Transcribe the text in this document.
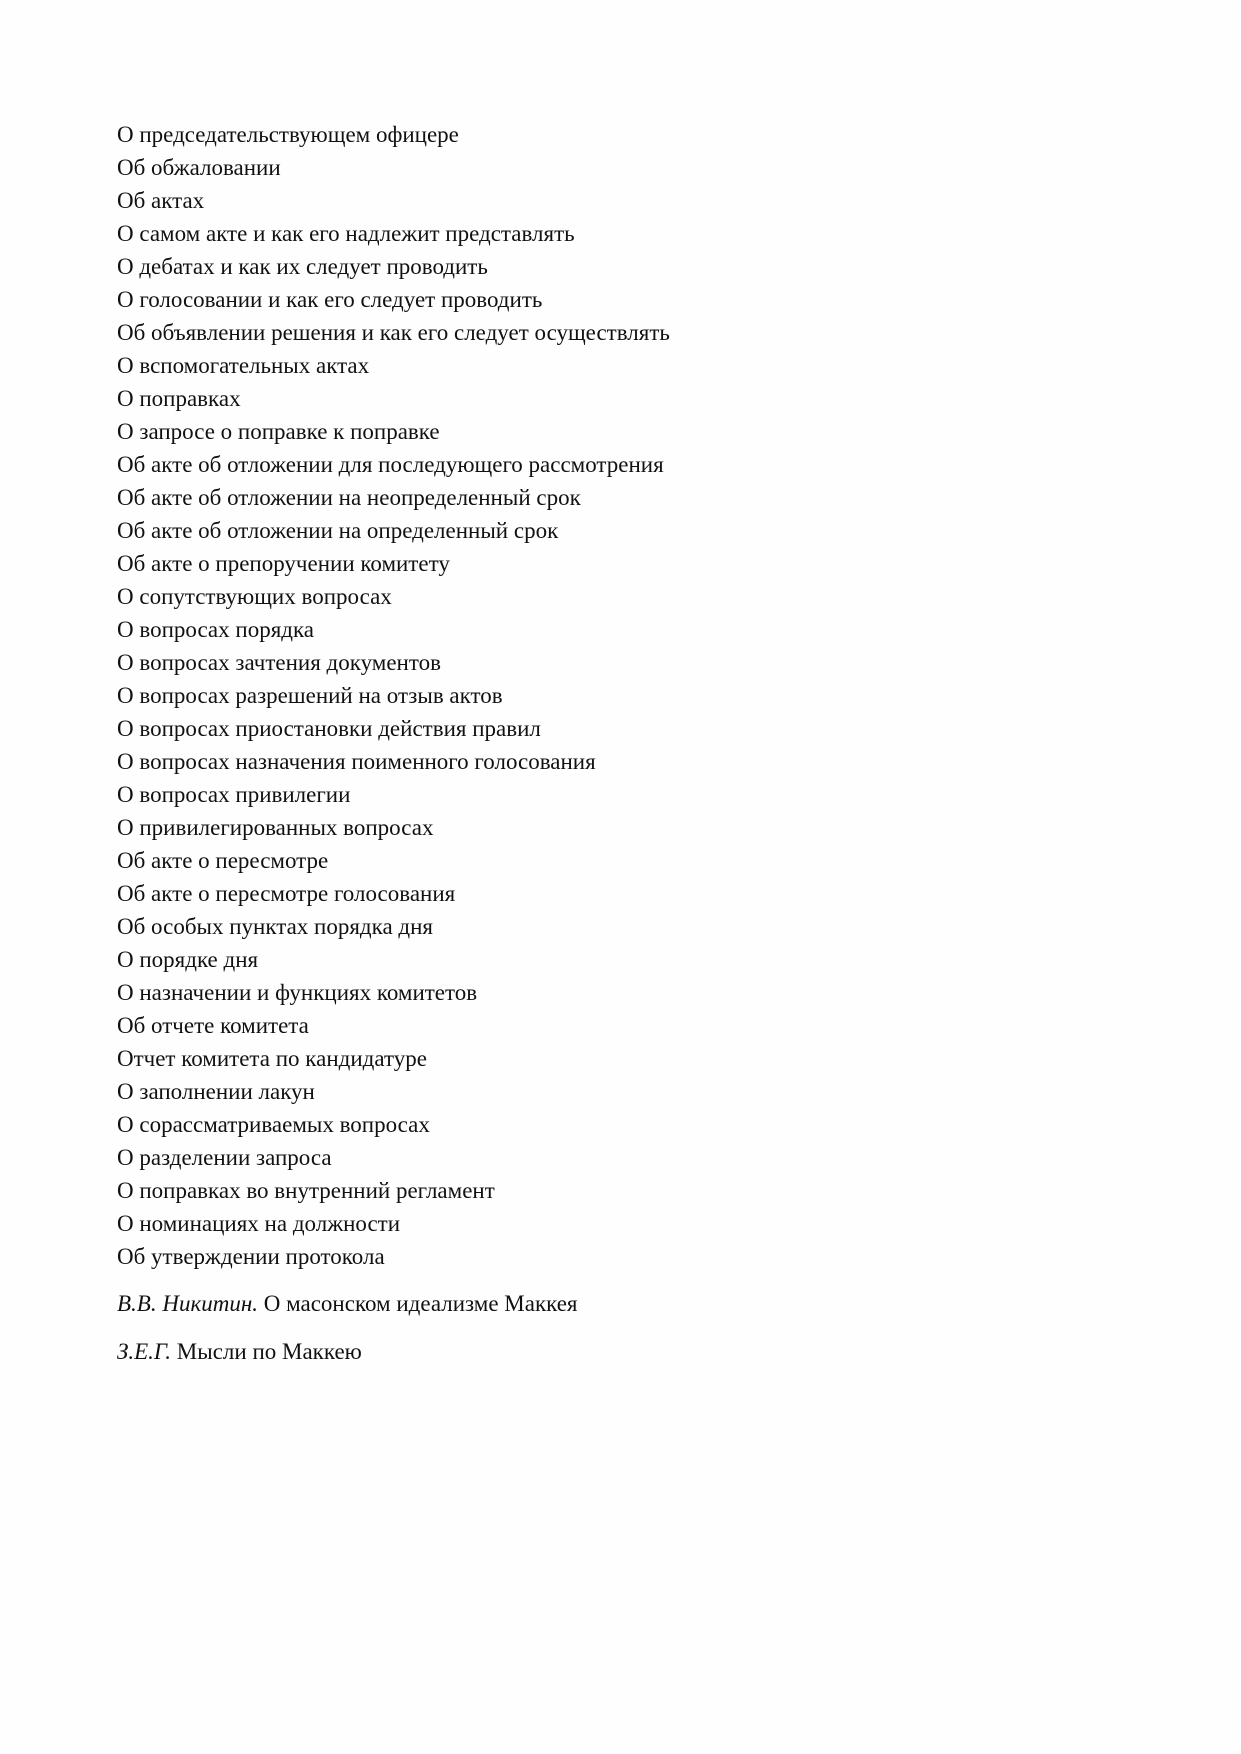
О председательствующем офицере
Об обжаловании
Об актах
О самом акте и как его надлежит представлять
О дебатах и как их следует проводить
О голосовании и как его следует проводить
Об объявлении решения и как его следует осуществлять
О вспомогательных актах
О поправках
О запросе о поправке к поправке
Об акте об отложении для последующего рассмотрения
Об акте об отложении на неопределенный срок
Об акте об отложении на определенный срок
Об акте о препоручении комитету
О сопутствующих вопросах
О вопросах порядка
О вопросах зачтения документов
О вопросах разрешений на отзыв актов
О вопросах приостановки действия правил
О вопросах назначения поименного голосования
О вопросах привилегии
О привилегированных вопросах
Об акте о пересмотре
Об акте о пересмотре голосования
Об особых пунктах порядка дня
О порядке дня
О назначении и функциях комитетов
Об отчете комитета
Отчет комитета по кандидатуре
О заполнении лакун
О сорассматриваемых вопросах
О разделении запроса
О поправках во внутренний регламент
О номинациях на должности
Об утверждении протокола
В.В. Никитин. О масонском идеализме Маккея
З.Е.Г. Мысли по Маккею
